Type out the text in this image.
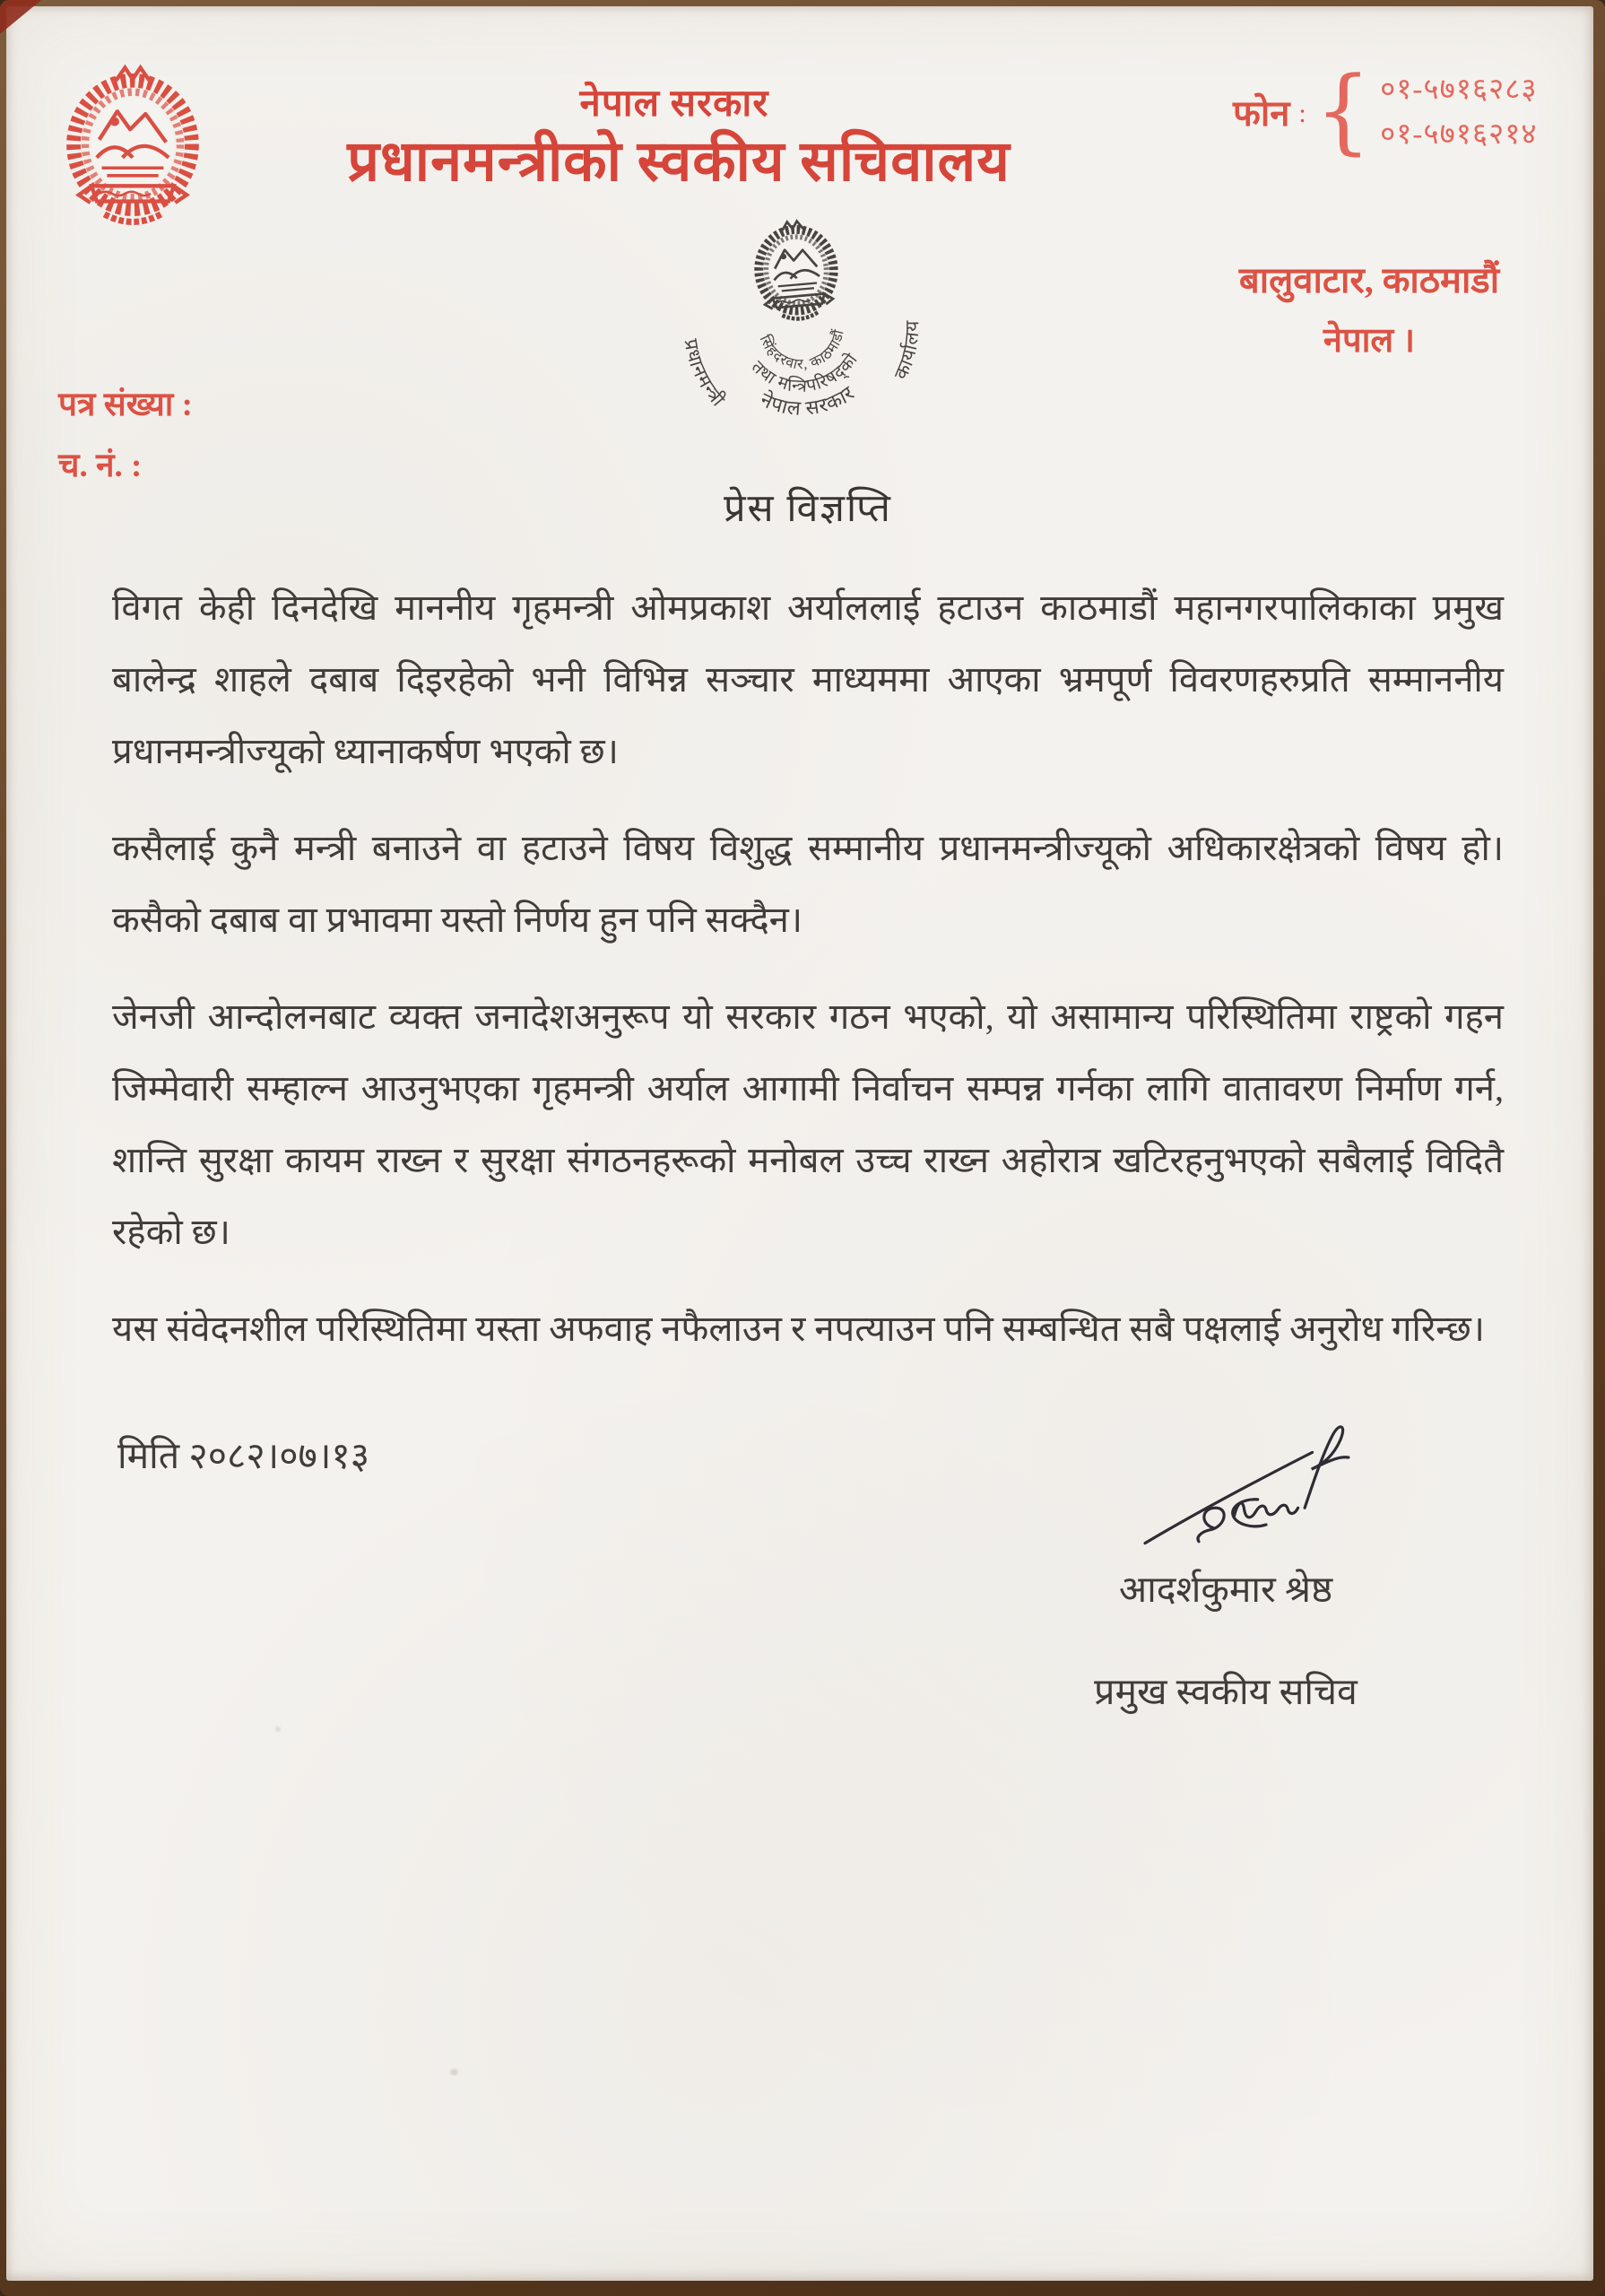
नेपाल सरकार
प्रधानमन्त्रीको स्वकीय सचिवालय
फोन : { ०१-५७१६२८३
०१-५७१६२१४
बालुवाटार, काठमाडौं
नेपाल ।
पत्र संख्या :
च. नं. :
प्रधानमन्त्री
कार्यालय
नेपाल सरकार
तथा मन्त्रिपरिषद्को
सिंहदरवार, काठमाडौं
प्रेस विज्ञप्ति

विगत केही दिनदेखि माननीय गृहमन्त्री ओमप्रकाश अर्याललाई हटाउन काठमाडौं महानगरपालिकाका प्रमुख बालेन्द्र शाहले दबाब दिइरहेको भनी विभिन्न सञ्चार माध्यममा आएका भ्रमपूर्ण विवरणहरुप्रति सम्माननीय प्रधानमन्त्रीज्यूको ध्यानाकर्षण भएको छ।

कसैलाई कुनै मन्त्री बनाउने वा हटाउने विषय विशुद्ध सम्मानीय प्रधानमन्त्रीज्यूको अधिकारक्षेत्रको विषय हो। कसैको दबाब वा प्रभावमा यस्तो निर्णय हुन पनि सक्दैन।

जेनजी आन्दोलनबाट व्यक्त जनादेशअनुरूप यो सरकार गठन भएको, यो असामान्य परिस्थितिमा राष्ट्रको गहन जिम्मेवारी सम्हाल्न आउनुभएका गृहमन्त्री अर्याल आगामी निर्वाचन सम्पन्न गर्नका लागि वातावरण निर्माण गर्न, शान्ति सुरक्षा कायम राख्न र सुरक्षा संगठनहरूको मनोबल उच्च राख्न अहोरात्र खटिरहनुभएको सबैलाई विदितै रहेको छ।

यस संवेदनशील परिस्थितिमा यस्ता अफवाह नफैलाउन र नपत्याउन पनि सम्बन्धित सबै पक्षलाई अनुरोध गरिन्छ।

मिति २०८२।०७।१३
आदर्शकुमार श्रेष्ठ
प्रमुख स्वकीय सचिव
